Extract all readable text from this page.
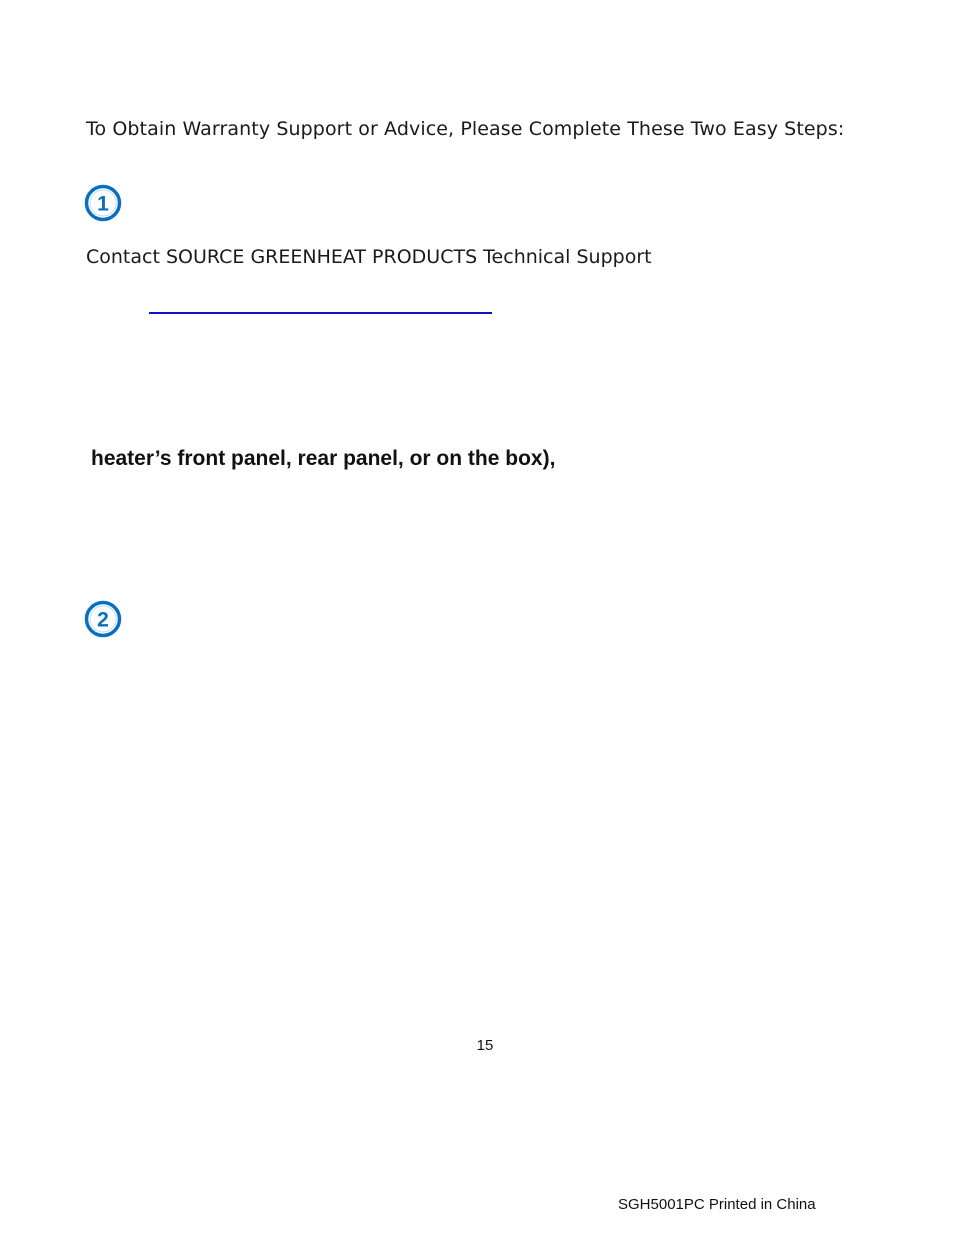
To Obtain Warranty Support or Advice, Please Complete These Two Easy Steps:
1
Contact SOURCE GREENHEAT PRODUCTS Technical Support
heater’s front panel, rear panel, or on the box),
2
15
SGH5001PC Printed in China
